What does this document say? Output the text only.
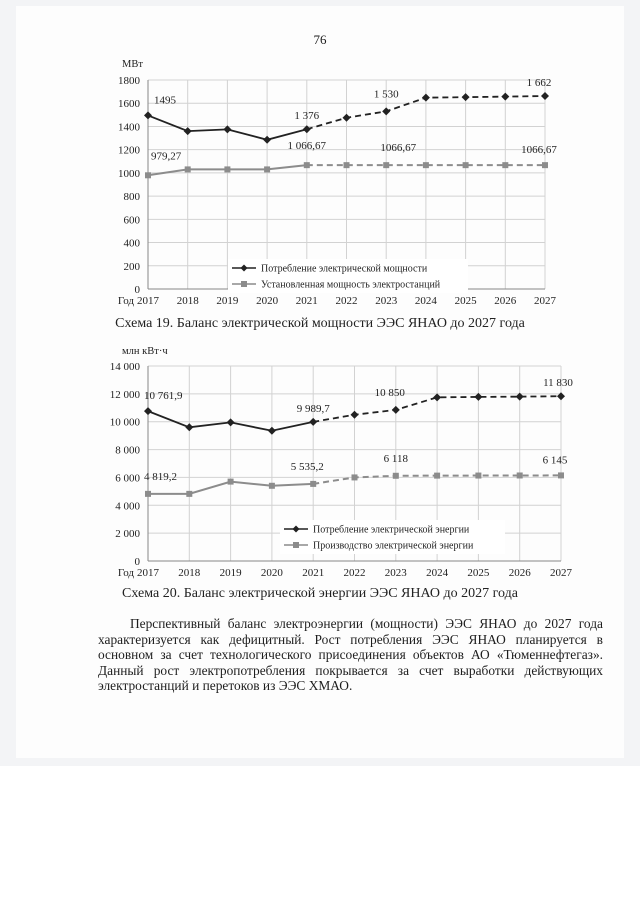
76
МВт
0
200
400
600
800
1000
1200
1400
1600
1800
2017 2018 2019 2020 2021 2022 2023 2024 2025 2026 2027
Год
1495
1 376
1 530
1 662
979,27
1 066,67	1066,67	1066,67
Потребление электрической мощности
Установленная мощность электростанций
Схема 19. Баланс электрической мощности ЭЭС ЯНАО до 2027 года
млн кВт·ч
0
2 000
4 000
6 000
8 000
10 000
12 000
14 000
2017 2018 2019 2020 2021 2022 2023 2024 2025 2026 2027
Год
10 761,9
9 989,7
10 850
11 830
4 819,2
5 535,2
6 118	6 145
Потребление электрической энергии
Производство электрической энергии
Схема 20. Баланс электрической энергии ЭЭС ЯНАО до 2027 года
Перспективный баланс электроэнергии (мощности) ЭЭС ЯНАО до 2027 года характеризуется как дефицитный. Рост потребления ЭЭС ЯНАО планируется в основном за счет технологического присоединения объектов АО «Тюменнефтегаз». Данный рост электропотребления покрывается за счет выработки действующих электростанций и перетоков из ЭЭС ХМАО.
